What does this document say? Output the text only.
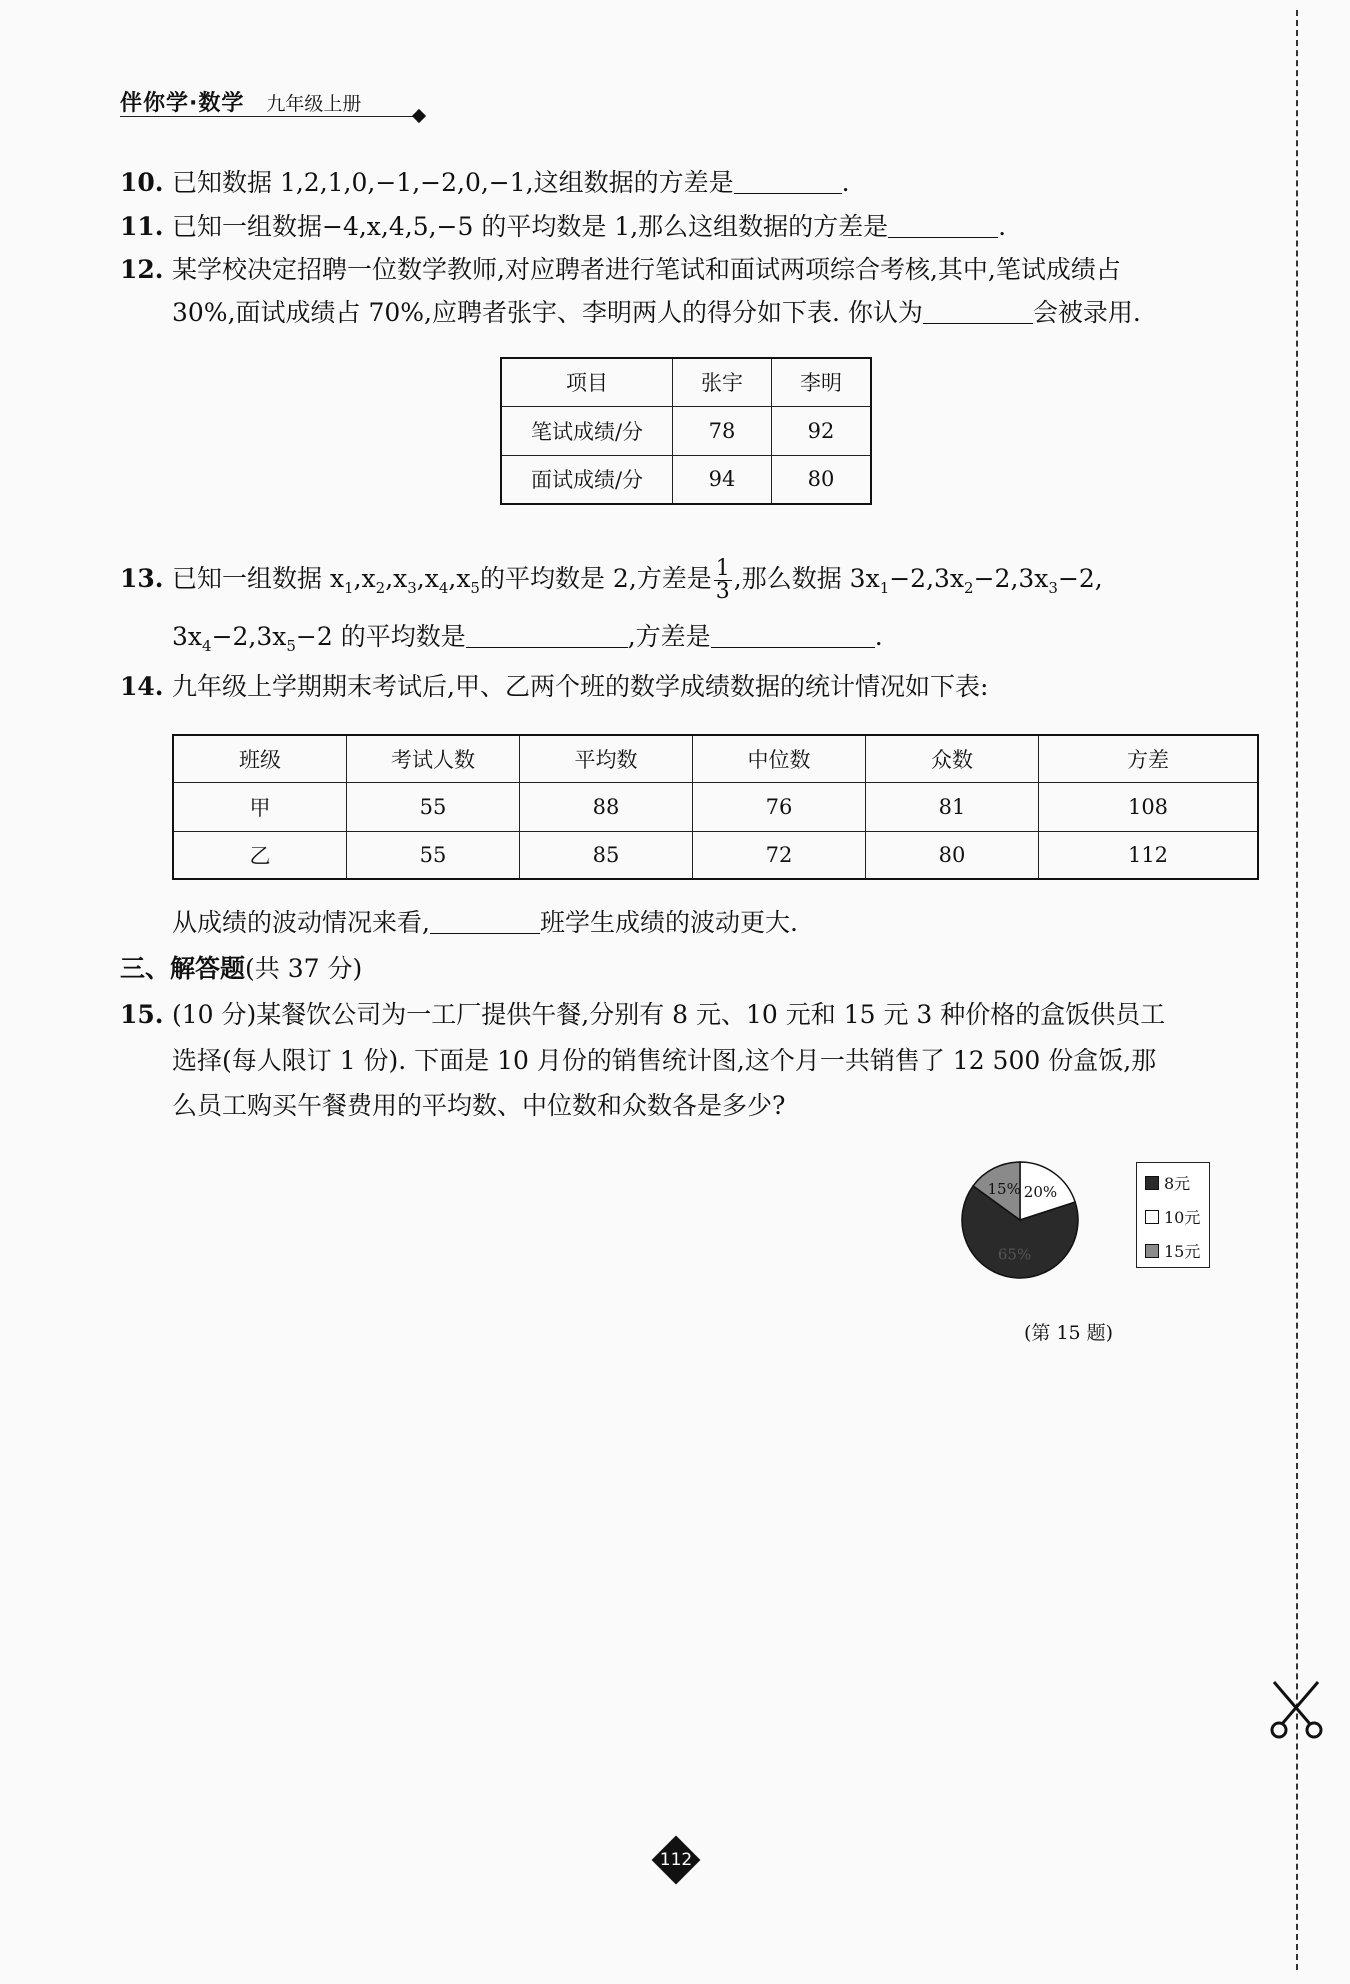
伴你学·数学 九年级上册
10. 已知数据 1,2,1,0,−1,−2,0,−1,这组数据的方差是	.
11. 已知一组数据−4,x,4,5,−5 的平均数是 1,那么这组数据的方差是	.
12. 某学校决定招聘一位数学教师,对应聘者进行笔试和面试两项综合考核,其中,笔试成绩占
30%,面试成绩占 70%,应聘者张宇、李明两人的得分如下表. 你认为	会被录用.
项目	张宇	李明
笔试成绩/分	78	92
面试成绩/分	94	80
13. 已知一组数据 $x_1,x_2,x_3,x_4,x_5$的平均数是 2,方差是 $\frac{1}{3}$ ,那么数据 $3x_1-2,3x_2-2,3x_3-2$,
$3x_4-2,3x_5-2$ 的平均数是	,方差是	.
14. 九年级上学期期末考试后,甲、乙两个班的数学成绩数据的统计情况如下表:
班级	考试人数	平均数	中位数	众数	方差
甲	55	88	76	81	108
乙	55	85	72	80	112
从成绩的波动情况来看,	班学生成绩的波动更大.
三、解答题(共 37 分)
15. (10 分)某餐饮公司为一工厂提供午餐,分别有 8 元、10 元和 15 元 3 种价格的盒饭供员工
选择(每人限订 1 份). 下面是 10 月份的销售统计图,这个月一共销售了 12 500 份盒饭,那
么员工购买午餐费用的平均数、中位数和众数各是多少?
20%
65%
15%	8元
10元
15元
(第 15 题)
112
